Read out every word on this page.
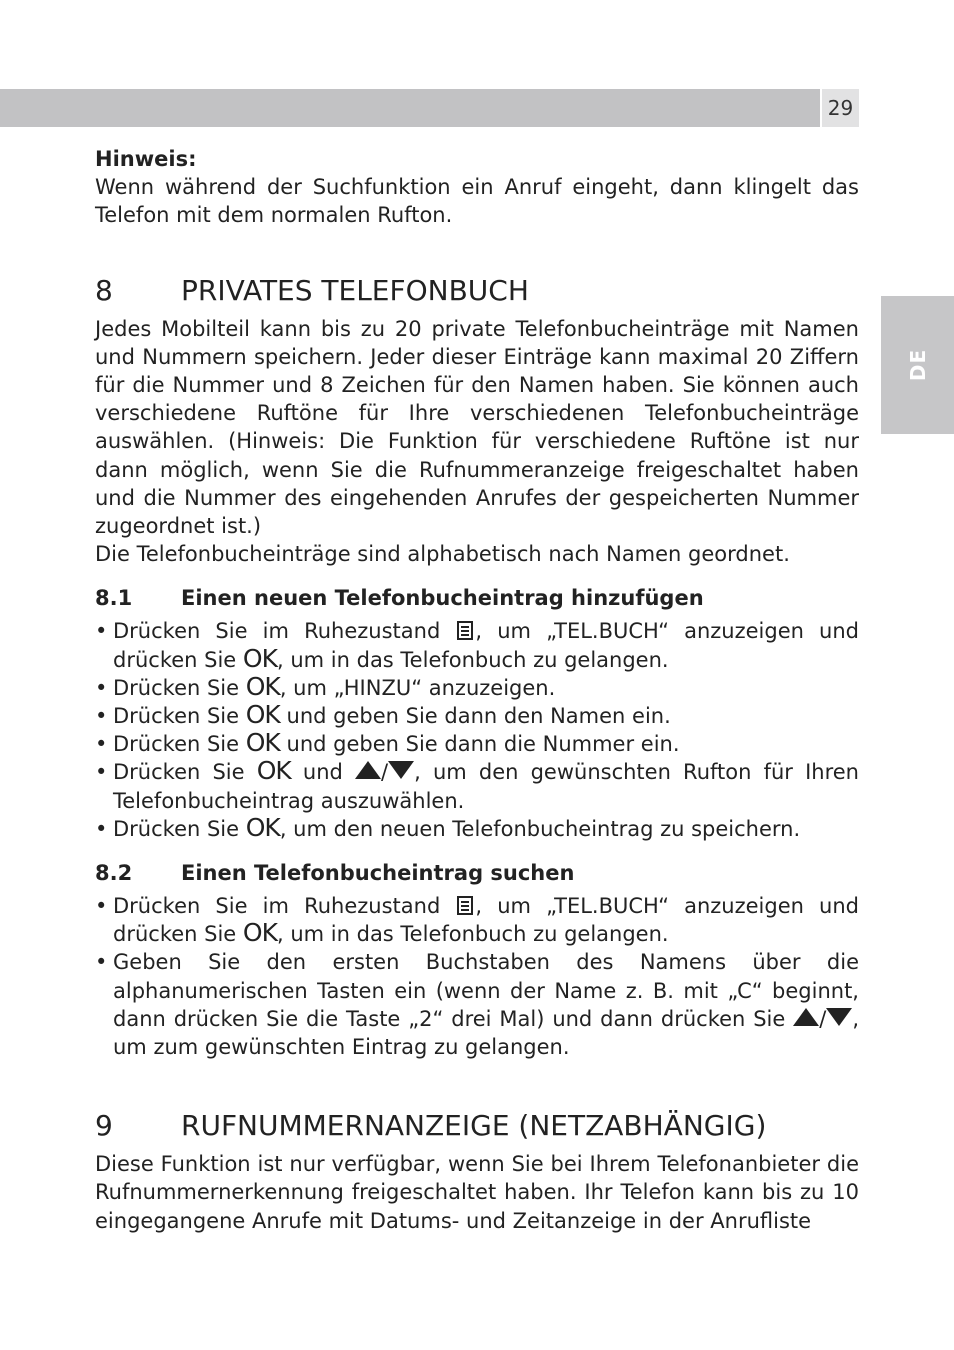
29
DE
Hinweis:

Wenn während der Suchfunktion ein Anruf eingeht, dann klingelt das Telefon mit dem normalen Rufton.

8	PRIVATES TELEFONBUCH

Jedes Mobilteil kann bis zu 20 private Telefonbucheinträge mit Namen und Nummern speichern. Jeder dieser Einträge kann maximal 20 Ziffern für die Nummer und 8 Zeichen für den Namen haben. Sie können auch verschiedene Ruftöne für Ihre verschiedenen Telefonbucheinträge auswählen. (Hinweis: Die Funktion für verschiedene Ruftöne ist nur dann möglich, wenn Sie die Rufnummeranzeige freigeschaltet haben und die Nummer des eingehenden Anrufes der gespeicherten Nummer zugeordnet ist.)

Die Telefonbucheinträge sind alphabetisch nach Namen geordnet.

8.1	Einen neuen Telefonbucheintrag hinzufügen
• Drücken Sie im Ruhezustand , um „TEL.BUCH“ anzuzeigen und drücken Sie OK, um in das Telefonbuch zu gelangen.
• Drücken Sie OK, um „HINZU“ anzuzeigen.
• Drücken Sie OK und geben Sie dann den Namen ein.
• Drücken Sie OK und geben Sie dann die Nummer ein.
• Drücken Sie OK und / , um den gewünschten Rufton für Ihren Telefonbucheintrag auszuwählen.
• Drücken Sie OK, um den neuen Telefonbucheintrag zu speichern.
8.2	Einen Telefonbucheintrag suchen
• Drücken Sie im Ruhezustand , um „TEL.BUCH“ anzuzeigen und drücken Sie OK, um in das Telefonbuch zu gelangen.
• Geben Sie den ersten Buchstaben des Namens über die alphanumerischen Tasten ein (wenn der Name z. B. mit „C“ beginnt, dann drücken Sie die Taste „2“ drei Mal) und dann drücken Sie / , um zum gewünschten Eintrag zu gelangen.
9	RUFNUMMERNANZEIGE (NETZABHÄNGIG)

Diese Funktion ist nur verfügbar, wenn Sie bei Ihrem Telefonanbieter die Rufnummernerkennung freigeschaltet haben. Ihr Telefon kann bis zu 10 eingegangene Anrufe mit Datums- und Zeitanzeige in der Anrufliste
